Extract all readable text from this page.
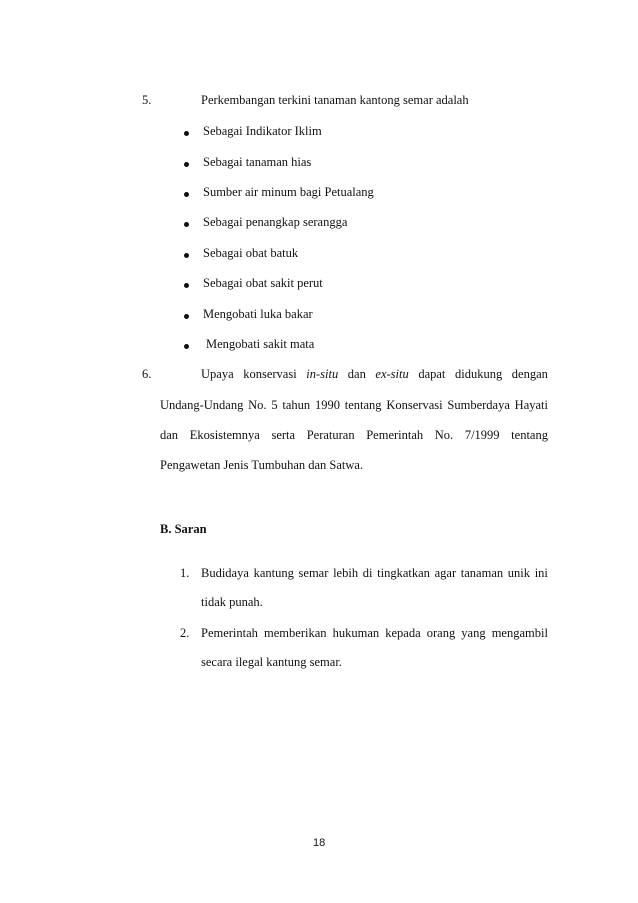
5.	Perkembangan terkini tanaman kantong semar adalah
Sebagai Indikator Iklim
Sebagai tanaman hias
Sumber air minum bagi Petualang
Sebagai penangkap serangga
Sebagai obat batuk
Sebagai obat sakit perut
Mengobati luka bakar
Mengobati sakit mata
6.	Upaya konservasi in-situ dan ex-situ dapat didukung dengan
Undang-Undang No. 5 tahun 1990 tentang Konservasi Sumberdaya Hayati
dan Ekosistemnya serta Peraturan Pemerintah No. 7/1999 tentang
Pengawetan Jenis Tumbuhan dan Satwa.
B. Saran
1. Budidaya kantung semar lebih di tingkatkan agar tanaman unik ini
tidak punah.
2. Pemerintah memberikan hukuman kepada orang yang mengambil
secara ilegal kantung semar.
18
